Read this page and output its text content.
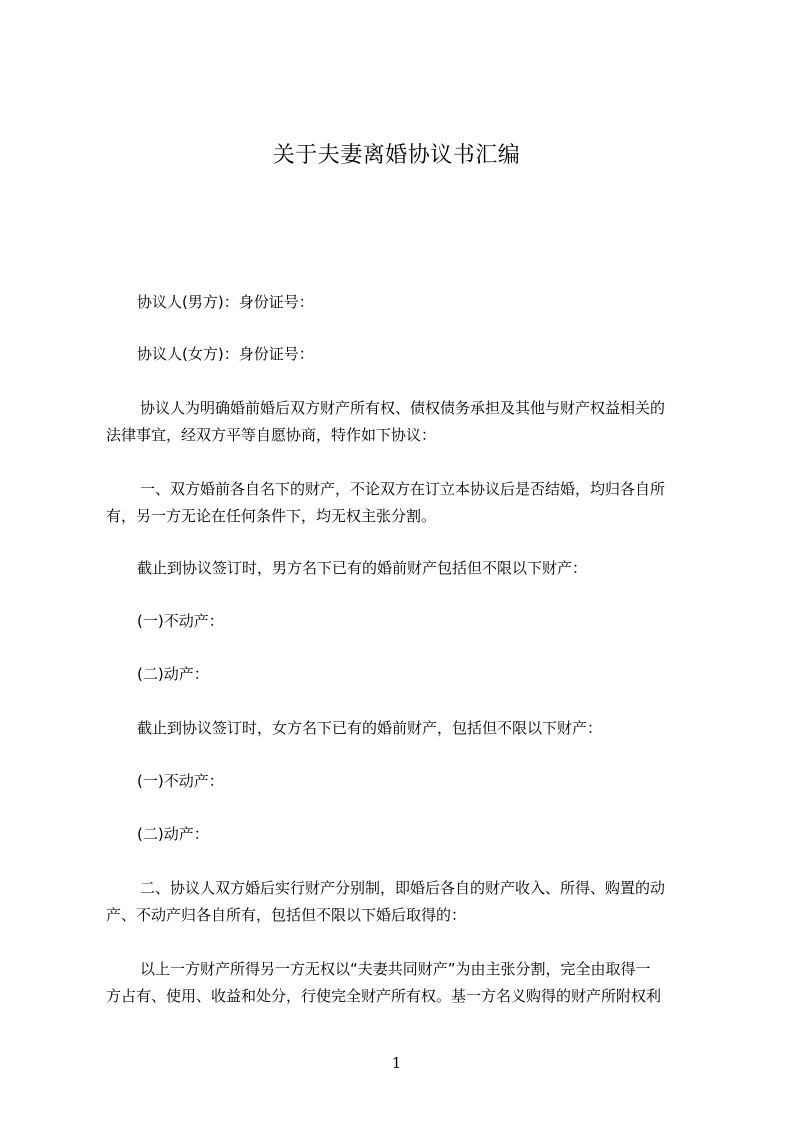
关于夫妻离婚协议书汇编
协议人(男方)：身份证号：
协议人(女方)：身份证号：
协议人为明确婚前婚后双方财产所有权、债权债务承担及其他与财产权益相关的
法律事宜，经双方平等自愿协商，特作如下协议：
一、双方婚前各自名下的财产，不论双方在订立本协议后是否结婚，均归各自所
有，另一方无论在任何条件下，均无权主张分割。
截止到协议签订时，男方名下已有的婚前财产包括但不限以下财产：
(一)不动产：
(二)动产：
截止到协议签订时，女方名下已有的婚前财产，包括但不限以下财产：
(一)不动产：
(二)动产：
二、协议人双方婚后实行财产分别制，即婚后各自的财产收入、所得、购置的动
产、不动产归各自所有，包括但不限以下婚后取得的：
以上一方财产所得另一方无权以“夫妻共同财产”为由主张分割，完全由取得一
方占有、使用、收益和处分，行使完全财产所有权。基一方名义购得的财产所附权利
1
